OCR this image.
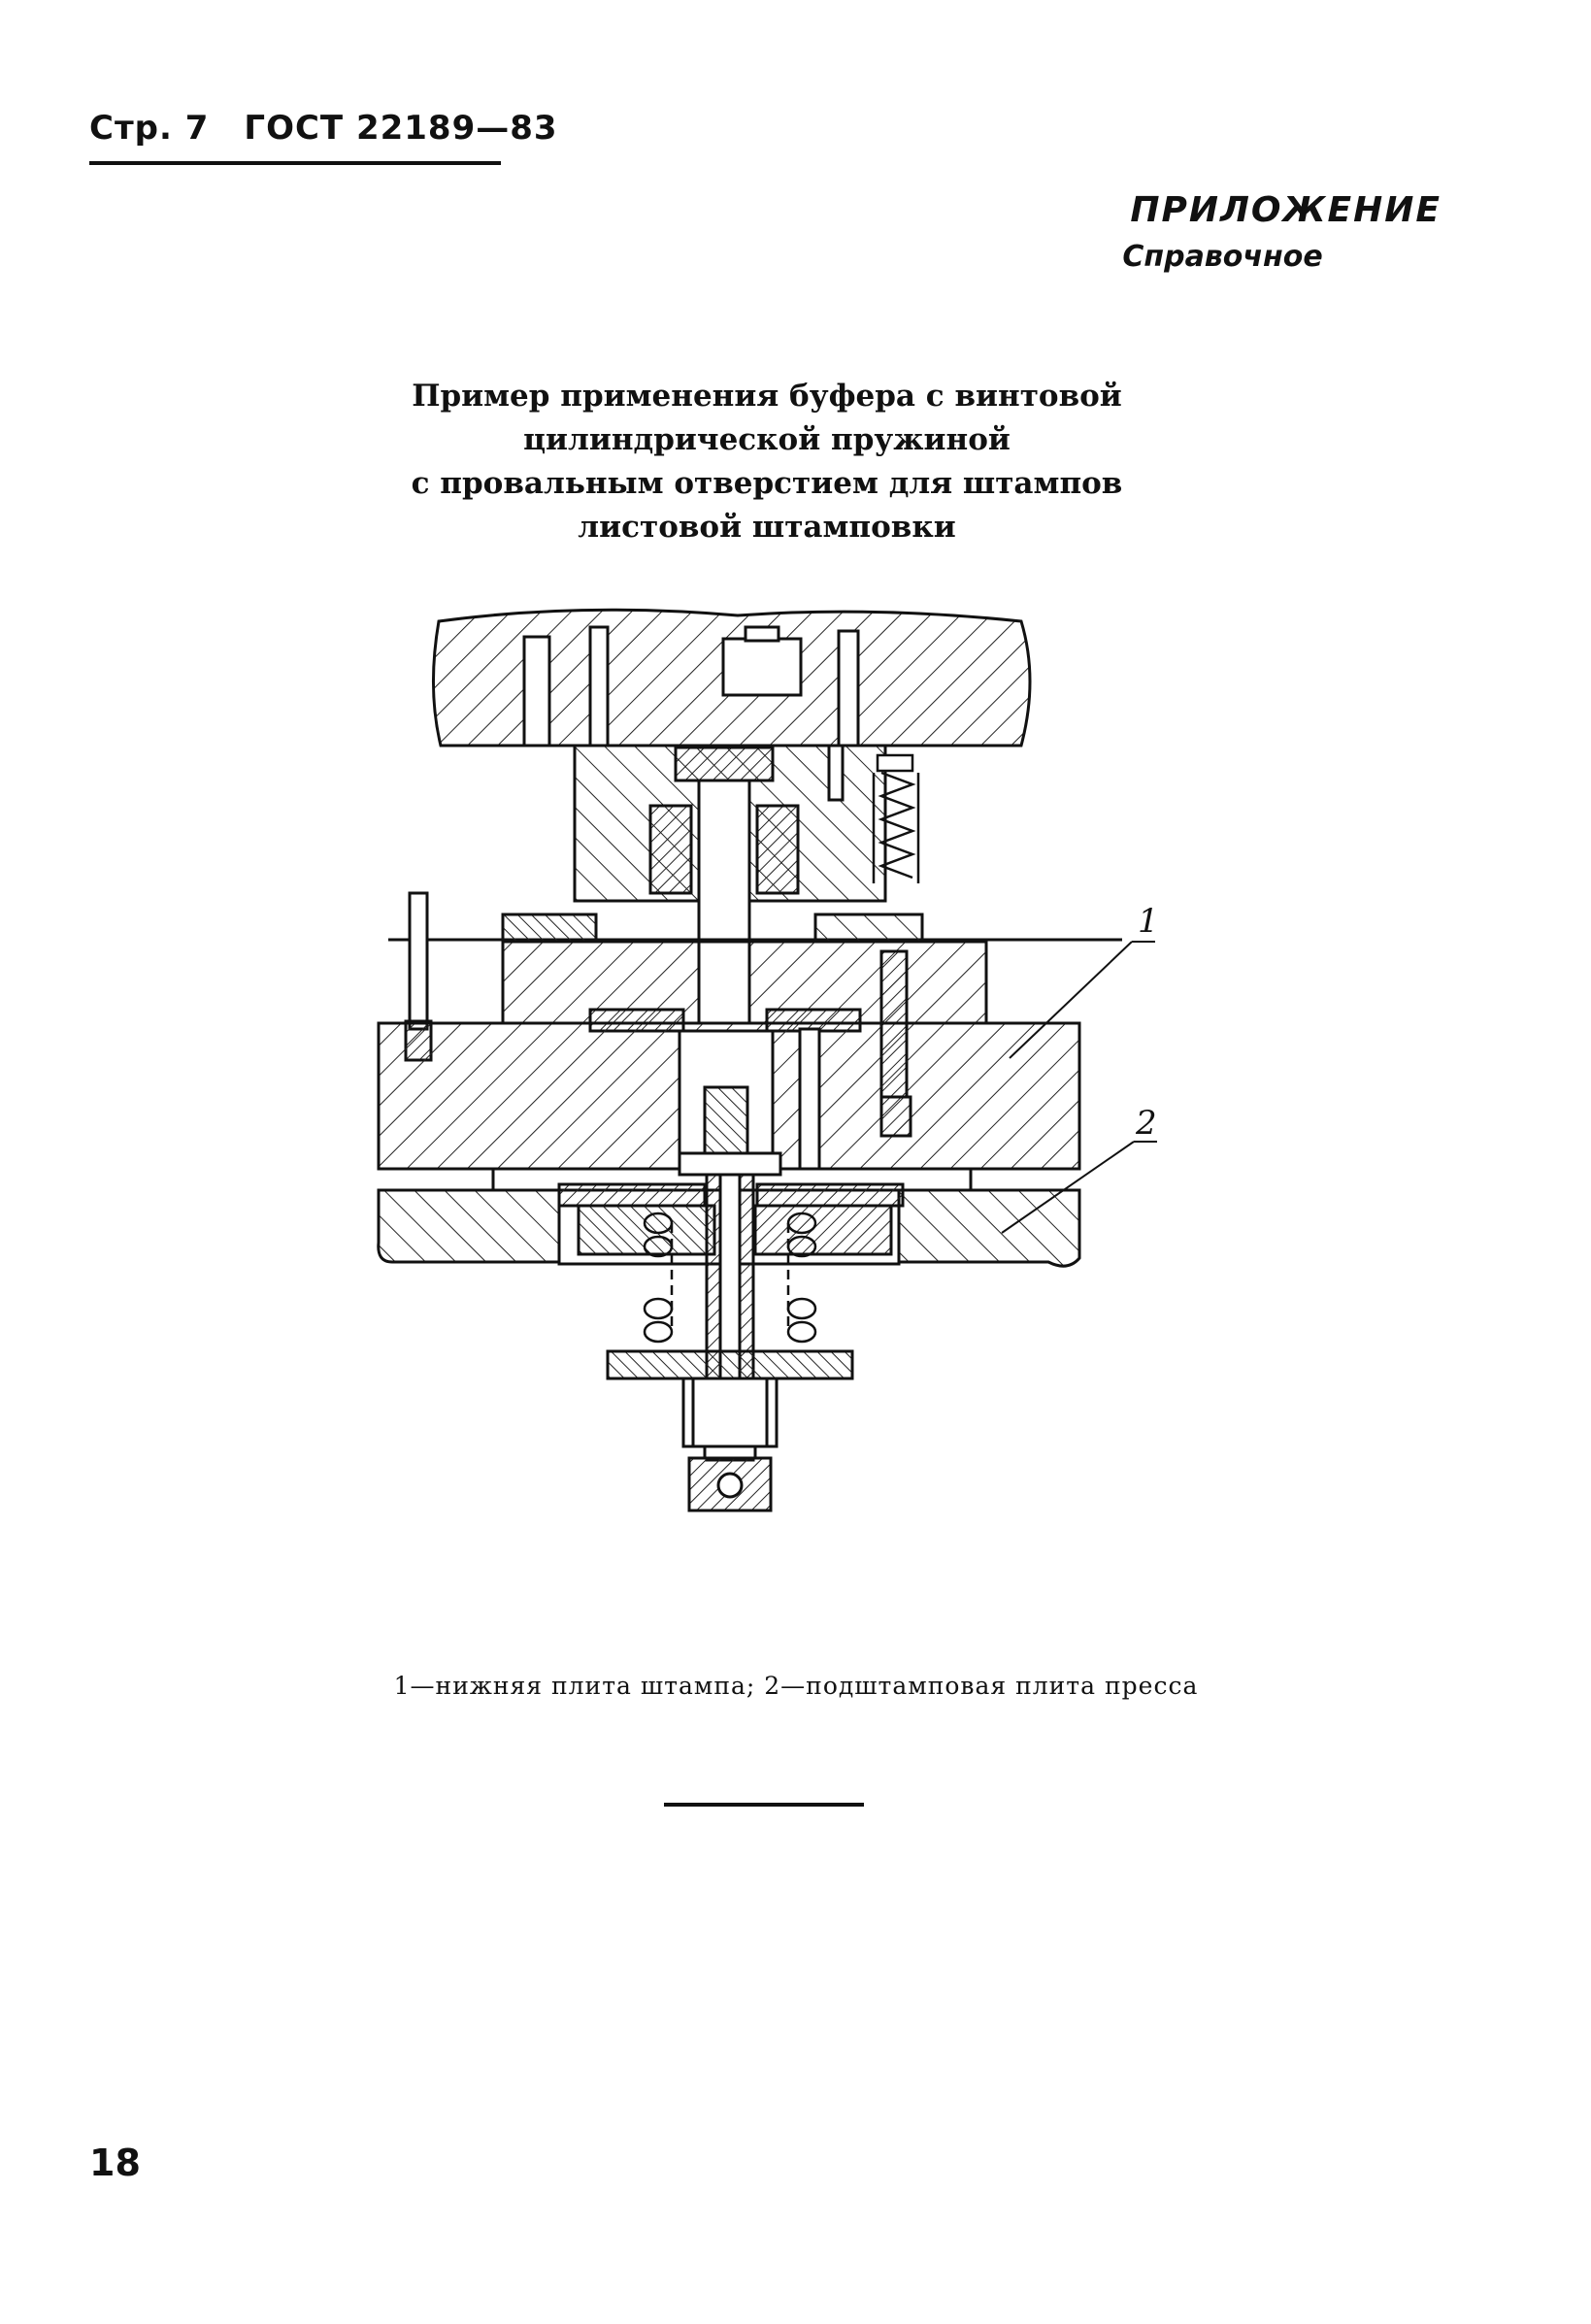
Стр. 7 ГОСТ 22189—83
ПРИЛОЖЕНИЕ
Справочное
Пример применения буфера с винтовой
цилиндрической пружиной
с провальным отверстием для штампов
листовой штамповки
1
2
1—нижняя плита штампа; 2—подштамповая плита пресса
18
